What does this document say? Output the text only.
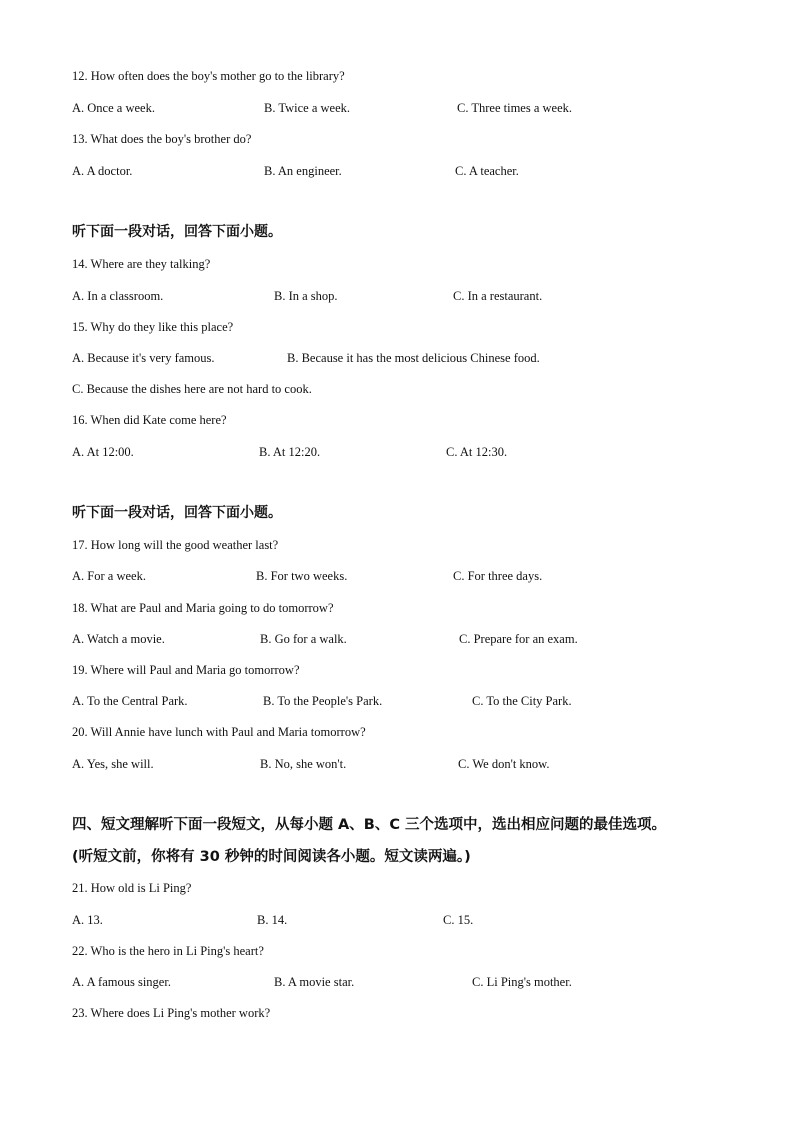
12. How often does the boy's mother go to the library?
A. Once a week.	B. Twice a week.	C. Three times a week.
13. What does the boy's brother do?
A. A doctor.	B. An engineer.	C. A teacher.
听下面一段对话，回答下面小题。
14. Where are they talking?
A. In a classroom.	B. In a shop.	C. In a restaurant.
15. Why do they like this place?
A. Because it's very famous.	B. Because it has the most delicious Chinese food.
C. Because the dishes here are not hard to cook.
16. When did Kate come here?
A. At 12:00.	B. At 12:20.	C. At 12:30.
听下面一段对话，回答下面小题。
17. How long will the good weather last?
A. For a week.	B. For two weeks.	C. For three days.
18. What are Paul and Maria going to do tomorrow?
A. Watch a movie.	B. Go for a walk.	C. Prepare for an exam.
19. Where will Paul and Maria go tomorrow?
A. To the Central Park.	B. To the People's Park.	C. To the City Park.
20. Will Annie have lunch with Paul and Maria tomorrow?
A. Yes, she will.	B. No, she won't.	C. We don't know.
四、短文理解听下面一段短文，从每小题 A、B、C 三个选项中，选出相应问题的最佳选项。
(听短文前，你将有 30 秒钟的时间阅读各小题。短文读两遍。)
21. How old is Li Ping?
A. 13.	B. 14.	C. 15.
22. Who is the hero in Li Ping's heart?
A. A famous singer.	B. A movie star.	C. Li Ping's mother.
23. Where does Li Ping's mother work?
